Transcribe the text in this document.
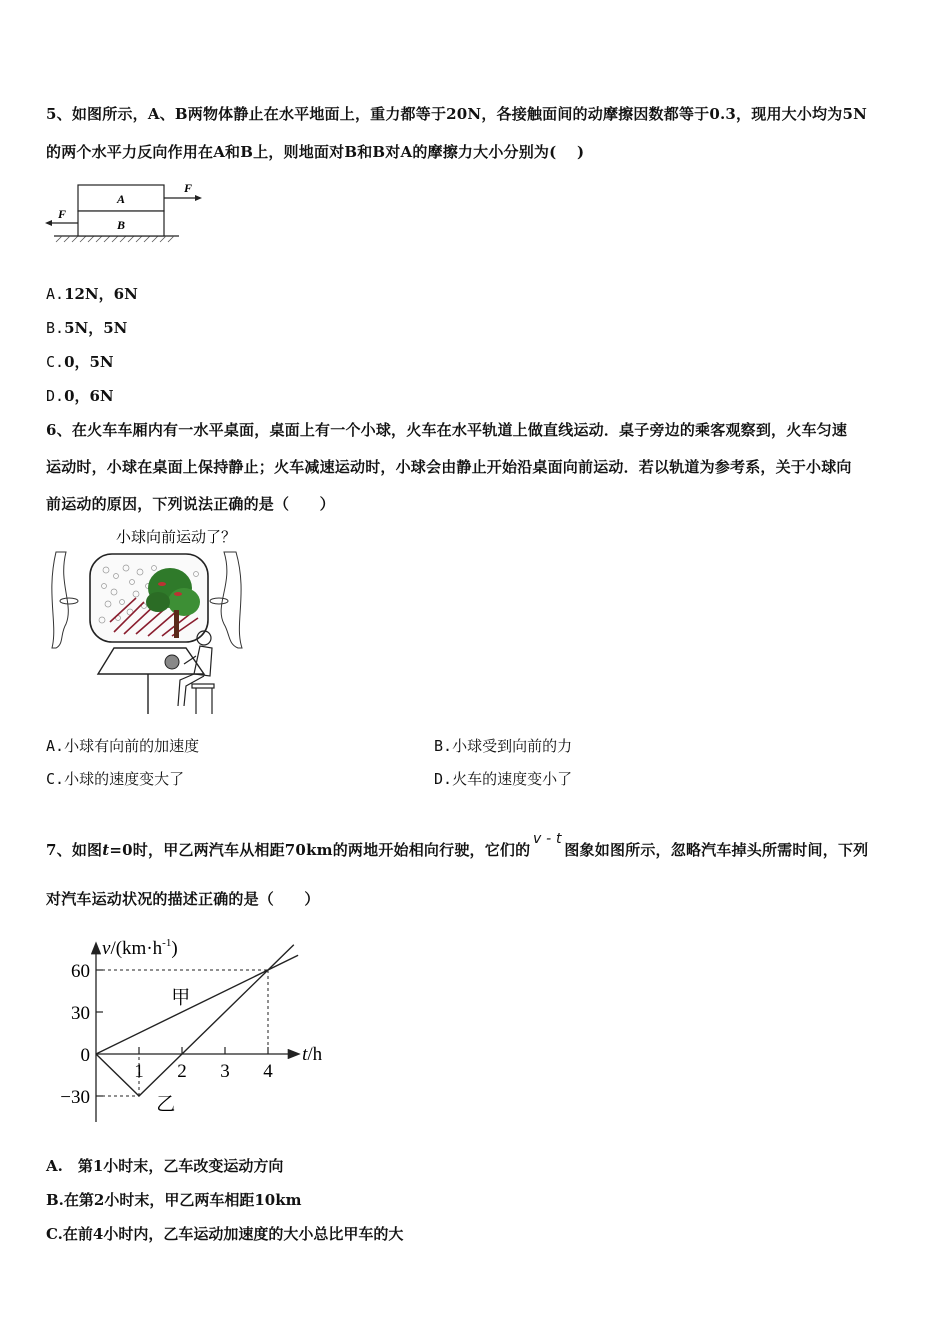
5、如图所示，A、B两物体静止在水平地面上，重力都等于20N，各接触面间的动摩擦因数都等于0.3，现用大小均为5N
的两个水平力反向作用在A和B上，则地面对B和B对A的摩擦力大小分别为(　 )
A
B
F
F
A.12N，6N
B.5N，5N
C.0，5N
D.0，6N
6、在火车车厢内有一水平桌面，桌面上有一个小球，火车在水平轨道上做直线运动．桌子旁边的乘客观察到，火车匀速
运动时，小球在桌面上保持静止；火车减速运动时，小球会由静止开始沿桌面向前运动．若以轨道为参考系，关于小球向
前运动的原因，下列说法正确的是（　　）
小球向前运动了？
A.小球有向前的加速度	B.小球受到向前的力
C.小球的速度变大了	D.火车的速度变小了
7、如图t=0时，甲乙两汽车从相距70km的两地开始相向行驶，它们的v - t图象如图所示，忽略汽车掉头所需时间，下列
对汽车运动状况的描述正确的是（　　）
$v/(km\cdot h^{-1})$
t/h
60
30
0
−30
1 2 3 4
甲
乙
A.　第1小时末，乙车改变运动方向
B.在第2小时末，甲乙两车相距10km
C.在前4小时内，乙车运动加速度的大小总比甲车的大
